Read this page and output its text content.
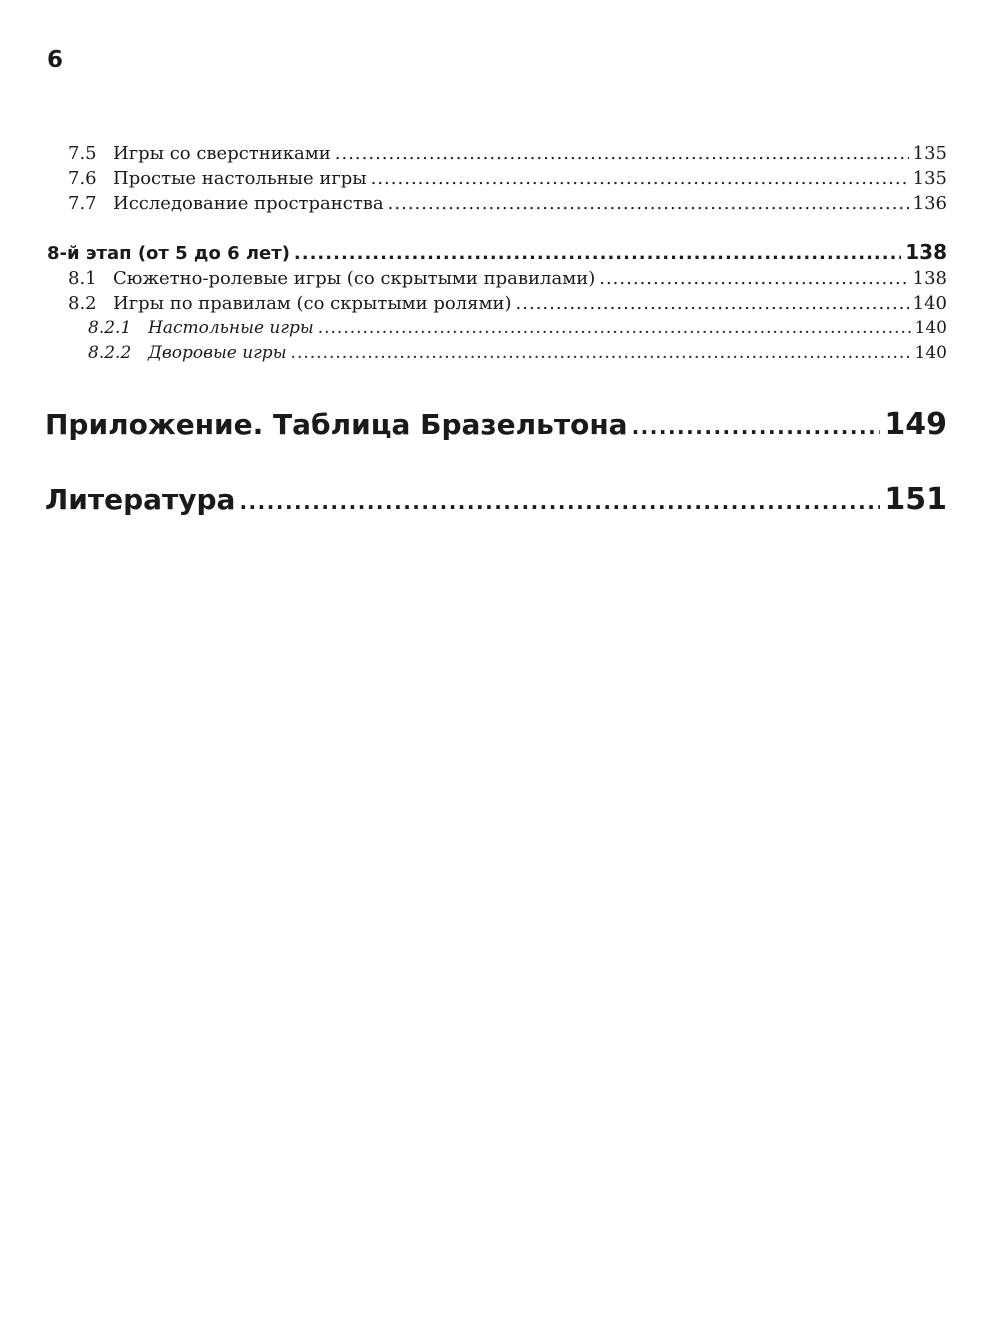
6
7.5 Игры со сверстниками .....	135
7.6 Простые настольные игры .....	135
7.7 Исследование пространства .....	136
8-й этап (от 5 до 6 лет) .....	138
8.1 Сюжетно-ролевые игры (со скрытыми правилами) .....	138
8.2 Игры по правилам (со скрытыми ролями) .....	140
8.2.1 Настольные игры .....	140
8.2.2 Дворовые игры .....	140
Приложение. Таблица Бразельтона .....	149
Литература .....	151
